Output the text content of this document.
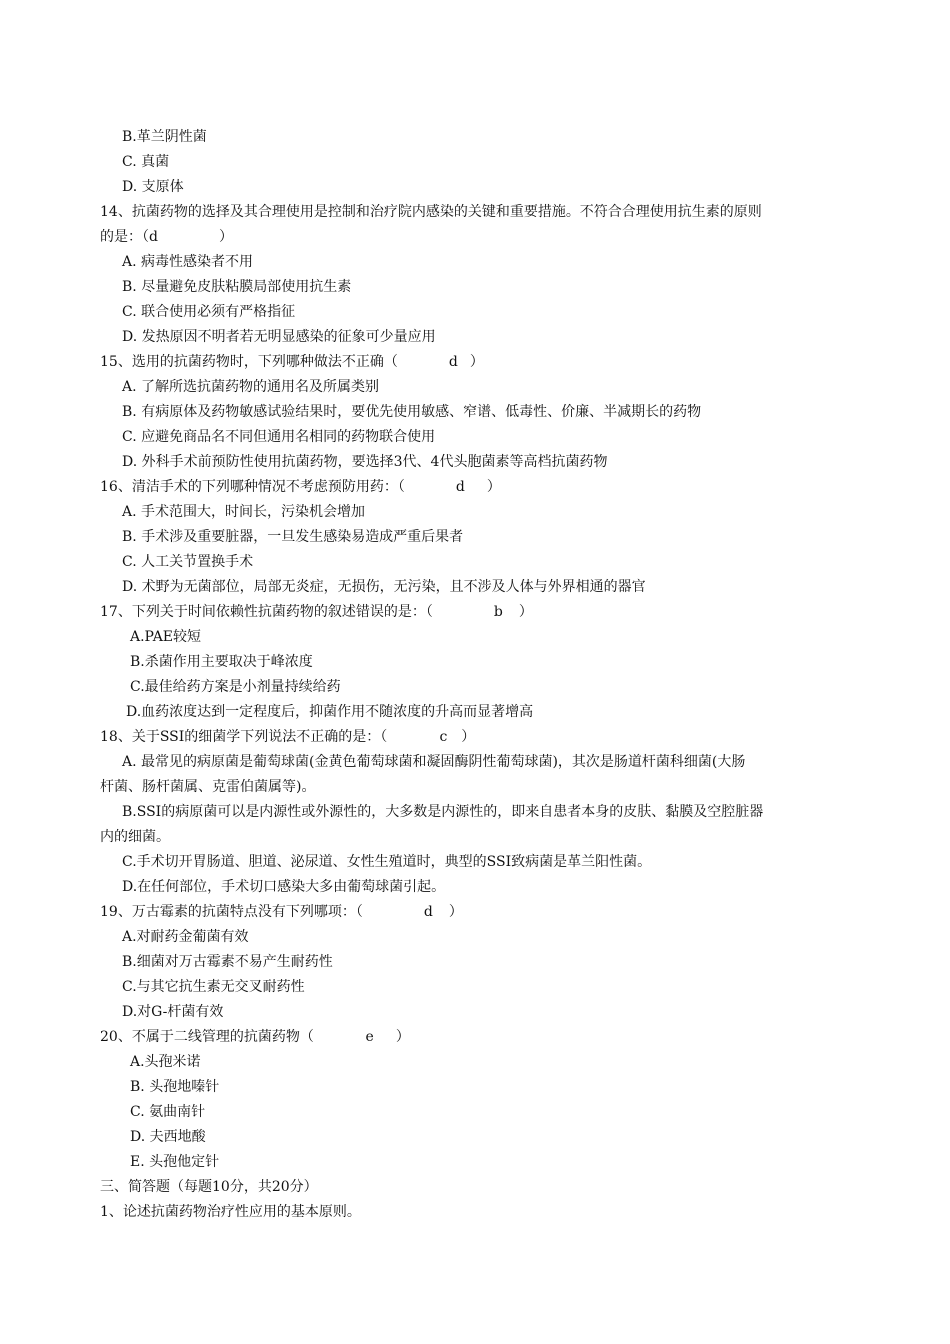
B.革兰阴性菌
C. 真菌
D. 支原体
14、抗菌药物的选择及其合理使用是控制和治疗院内感染的关键和重要措施。不符合合理使用抗生素的原则
的是：（d	）
A. 病毒性感染者不用
B. 尽量避免皮肤粘膜局部使用抗生素
C. 联合使用必须有严格指征
D. 发热原因不明者若无明显感染的征象可少量应用
15、选用的抗菌药物时，下列哪种做法不正确（	d ）
A. 了解所选抗菌药物的通用名及所属类别
B. 有病原体及药物敏感试验结果时，要优先使用敏感、窄谱、低毒性、价廉、半减期长的药物
C. 应避免商品名不同但通用名相同的药物联合使用
D. 外科手术前预防性使用抗菌药物，要选择3代、4代头胞菌素等高档抗菌药物
16、清洁手术的下列哪种情况不考虑预防用药：（	d ）
A. 手术范围大，时间长，污染机会增加
B. 手术涉及重要脏器，一旦发生感染易造成严重后果者
C. 人工关节置换手术
D. 术野为无菌部位，局部无炎症，无损伤，无污染，且不涉及人体与外界相通的器官
17、下列关于时间依赖性抗菌药物的叙述错误的是：（	b ）
A.PAE较短
B.杀菌作用主要取决于峰浓度
C.最佳给药方案是小剂量持续给药
D.血药浓度达到一定程度后，抑菌作用不随浓度的升高而显著增高
18、关于SSI的细菌学下列说法不正确的是：（	c ）
A. 最常见的病原菌是葡萄球菌(金黄色葡萄球菌和凝固酶阴性葡萄球菌)，其次是肠道杆菌科细菌(大肠
杆菌、肠杆菌属、克雷伯菌属等)。
B.SSI的病原菌可以是内源性或外源性的，大多数是内源性的，即来自患者本身的皮肤、黏膜及空腔脏器
内的细菌。
C.手术切开胃肠道、胆道、泌尿道、女性生殖道时，典型的SSI致病菌是革兰阳性菌。
D.在任何部位，手术切口感染大多由葡萄球菌引起。
19、万古霉素的抗菌特点没有下列哪项：（	d ）
A.对耐药金葡菌有效
B.细菌对万古霉素不易产生耐药性
C.与其它抗生素无交叉耐药性
D.对G-杆菌有效
20、不属于二线管理的抗菌药物（	e ）
A.头孢米诺
B. 头孢地嗪针
C. 氨曲南针
D. 夫西地酸
E. 头孢他定针
三、简答题（每题10分，共20分）
1、论述抗菌药物治疗性应用的基本原则。
